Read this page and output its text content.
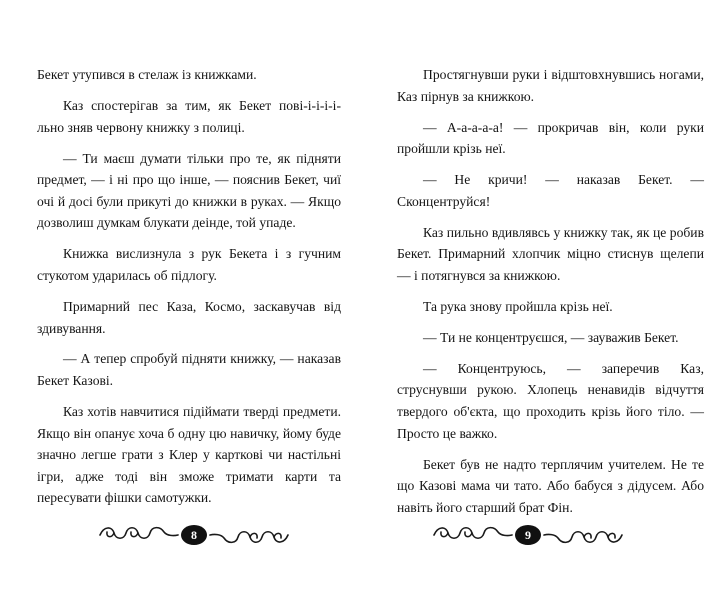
Бекет утупився в стелаж із книжками.

Каз спостерігав за тим, як Бекет пові-і-і-і-і-льно зняв червону книжку з полиці.

— Ти маєш думати тільки про те, як підняти предмет, — і ні про що інше, — пояснив Бекет, чиї очі й досі були прикуті до книжки в руках. — Якщо дозволиш думкам блукати деінде, той упаде.

Книжка вислизнула з рук Бекета і з гучним стукотом ударилась об підлогу.

Примарний пес Каза, Космо, заскавучав від здивування.

— А тепер спробуй підняти книжку, — наказав Бекет Казові.

Каз хотів навчитися підіймати тверді предмети. Якщо він опанує хоча б одну цю навичку, йому буде значно легше грати з Клер у карткові чи настільні ігри, адже тоді він зможе тримати карти та пересувати фішки самотужки.

Простягнувши руки і відштовхнувшись ногами, Каз пірнув за книжкою.

— А-а-а-а-а! — прокричав він, коли руки пройшли крізь неї.

— Не кричи! — наказав Бекет. — Сконцентруйся!

Каз пильно вдивлявсь у книжку так, як це робив Бекет. Примарний хлопчик міцно стиснув щелепи — і потягнувся за книжкою.

Та рука знову пройшла крізь неї.

— Ти не концентруєшся, — зауважив Бекет.

— Концентруюсь, — заперечив Каз, струснувши рукою. Хлопець ненавидів відчуття твердого об'єкта, що проходить крізь його тіло. — Просто це важко.

Бекет був не надто терплячим учителем. Не те що Казові мама чи тато. Або бабуся з дідусем. Або навіть його старший брат Фін.

8	9
